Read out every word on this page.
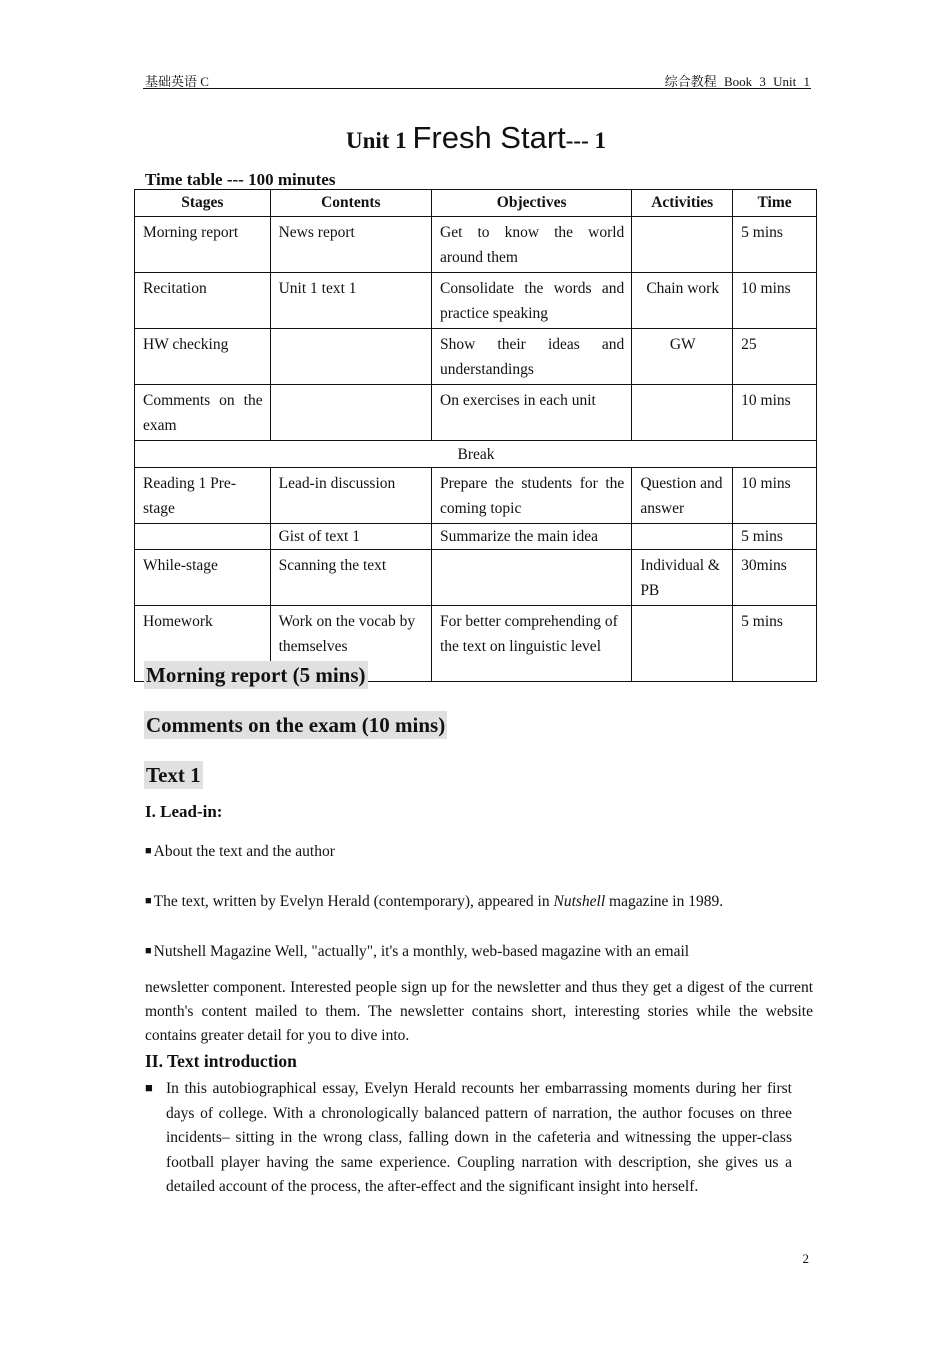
基础英语 C	综合教程 Book 3 Unit 1
Unit 1 Fresh Start--- 1
Time table --- 100 minutes
Stages	Contents	Objectives	Activities	Time
Morning report	News report	Get to know the world around them		5 mins
Recitation	Unit 1 text 1	Consolidate the words and practice speaking	Chain work	10 mins
HW checking		Show their ideas and understandings	GW	25
Comments on the exam		On exercises in each unit		10 mins
Break				
Reading 1 Pre-stage	Lead-in discussion	Prepare the students for the coming topic	Question and answer	10 mins
	Gist of text 1	Summarize the main idea		5 mins
While-stage	Scanning the text		Individual & PB	30mins
Homework	Work on the vocab by themselves	For better comprehending of the text on linguistic level		5 mins
Morning report (5 mins)
Comments on the exam (10 mins)
Text 1
I. Lead-in:
■ About the text and the author
■ The text, written by Evelyn Herald (contemporary), appeared in Nutshell magazine in 1989.
■ Nutshell Magazine Well, "actually", it's a monthly, web-based magazine with an email
newsletter component. Interested people sign up for the newsletter and thus they get a digest of the current month's content mailed to them. The newsletter contains short, interesting stories while the website contains greater detail for you to dive into.
II. Text introduction
■ In this autobiographical essay, Evelyn Herald recounts her embarrassing moments during her first days of college. With a chronologically balanced pattern of narration, the author focuses on three incidents– sitting in the wrong class, falling down in the cafeteria and witnessing the upper-class football player having the same experience. Coupling narration with description, she gives us a detailed account of the process, the after-effect and the significant insight into herself.
2
